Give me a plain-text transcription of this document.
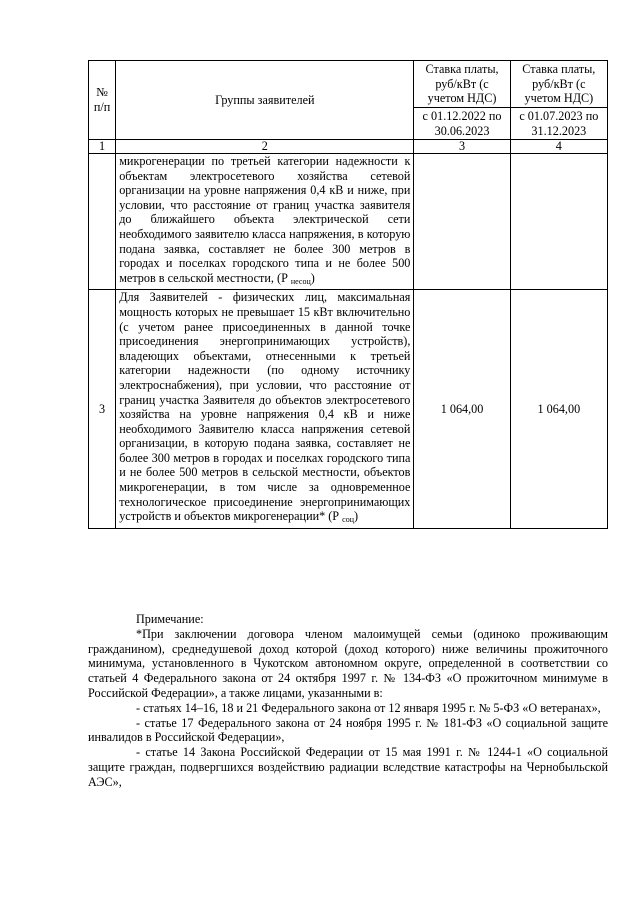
№ п/п	Группы заявителей	Ставка платы, руб/кВт (с учетом НДС)	Ставка платы, руб/кВт (с учетом НДС)
		с 01.12.2022 по 30.06.2023	с 01.07.2023 по 31.12.2023
1	2	3	4
	микрогенерации по третьей категории надежности к объектам электросетевого хозяйства сетевой организации на уровне напряжения 0,4 кВ и ниже, при условии, что расстояние от границ участка заявителя до ближайшего объекта электрической сети необходимого заявителю класса напряжения, в которую подана заявка, составляет не более 300 метров в городах и поселках городского типа и не более 500 метров в сельской местности, (Р $_{несоц}$)		
3	Для Заявителей - физических лиц, максимальная мощность которых не превышает 15 кВт включительно (с учетом ранее присоединенных в данной точке присоединения энергопринимающих устройств), владеющих объектами, отнесенными к третьей категории надежности (по одному источнику электроснабжения), при условии, что расстояние от границ участка Заявителя до объектов электросетевого хозяйства на уровне напряжения 0,4 кВ и ниже необходимого Заявителю класса напряжения сетевой организации, в которую подана заявка, составляет не более 300 метров в городах и поселках городского типа и не более 500 метров в сельской местности, объектов микрогенерации, в том числе за одновременное технологическое присоединение энергопринимающих устройств и объектов микрогенерации* (Р $_{соц}$)	1 064,00	1 064,00

Примечание:

*При заключении договора членом малоимущей семьи (одиноко проживающим гражданином), среднедушевой доход которой (доход которого) ниже величины прожиточного минимума, установленного в Чукотском автономном округе, определенной в соответствии со статьей 4 Федерального закона от 24 октября 1997 г. № 134-ФЗ «О прожиточном минимуме в Российской Федерации», а также лицами, указанными в:

- статьях 14–16, 18 и 21 Федерального закона от 12 января 1995 г. № 5-ФЗ «О ветеранах»,

- статье 17 Федерального закона от 24 ноября 1995 г. № 181-ФЗ «О социальной защите инвалидов в Российской Федерации»,

- статье 14 Закона Российской Федерации от 15 мая 1991 г. № 1244-1 «О социальной защите граждан, подвергшихся воздействию радиации вследствие катастрофы на Чернобыльской АЭС»,
